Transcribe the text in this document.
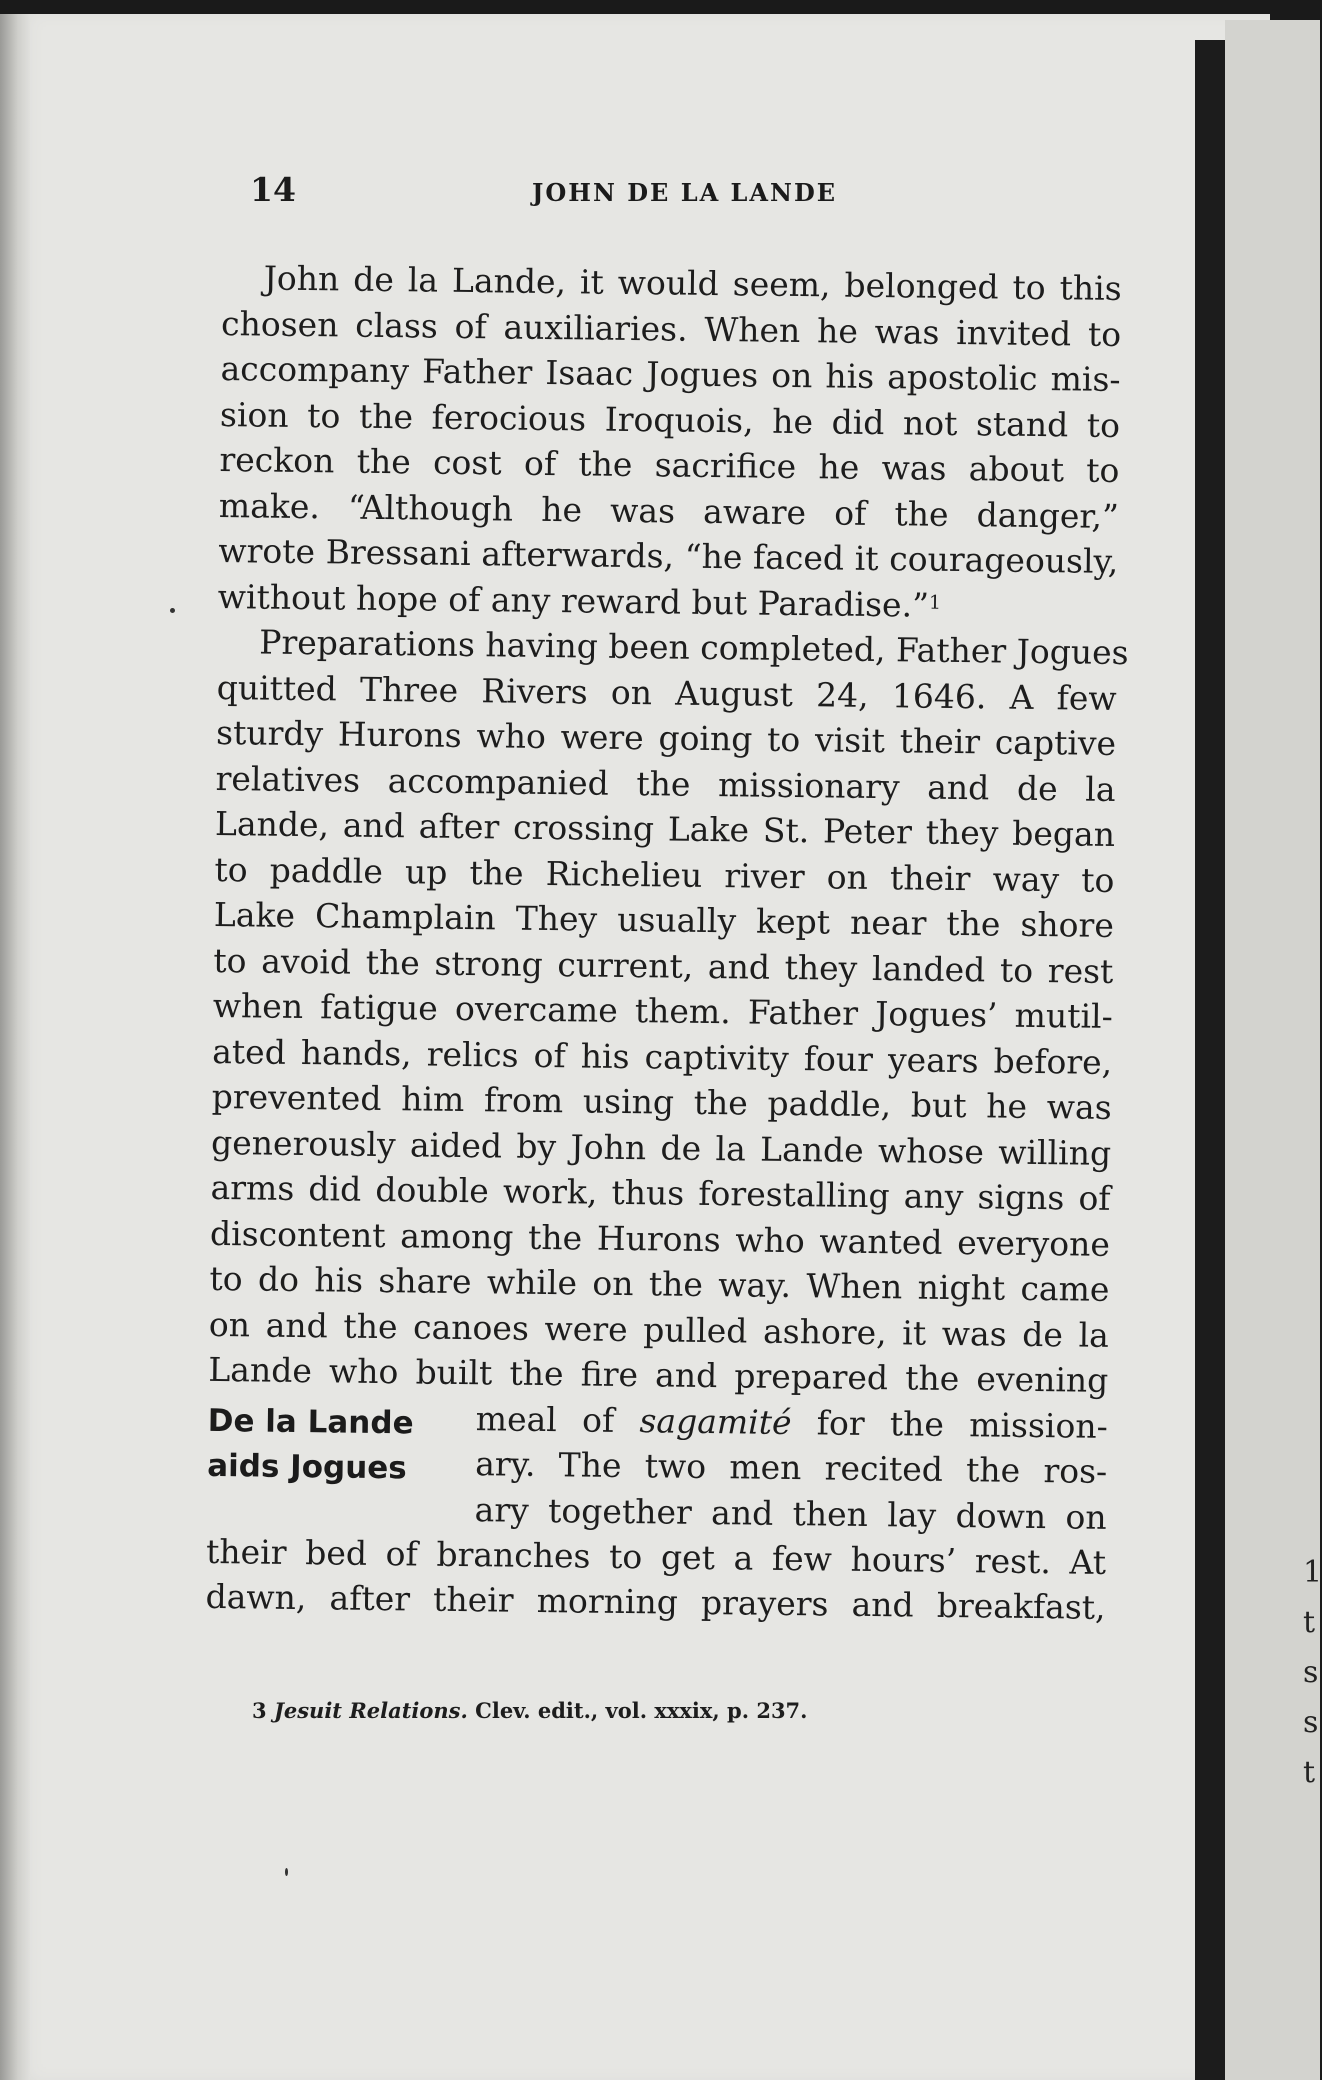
1
t
s
s
t
14	JOHN DE LA LANDE
John de la Lande, it would seem, belonged to this
chosen class of auxiliaries. When he was invited to
accompany Father Isaac Jogues on his apostolic mis-
sion to the ferocious Iroquois, he did not stand to
reckon the cost of the sacrifice he was about to
make. “Although he was aware of the danger,”
wrote Bressani afterwards, “he faced it courageously,
without hope of any reward but Paradise.”$^1$
Preparations having been completed, Father Jogues
quitted Three Rivers on August 24, 1646. A few
sturdy Hurons who were going to visit their captive
relatives accompanied the missionary and de la
Lande, and after crossing Lake St. Peter they began
to paddle up the Richelieu river on their way to
Lake Champlain They usually kept near the shore
to avoid the strong current, and they landed to rest
when fatigue overcame them. Father Jogues’ mutil-
ated hands, relics of his captivity four years before,
prevented him from using the paddle, but he was
generously aided by John de la Lande whose willing
arms did double work, thus forestalling any signs of
discontent among the Hurons who wanted everyone
to do his share while on the way. When night came
on and the canoes were pulled ashore, it was de la
Lande who built the fire and prepared the evening
De la Lande
aids Jogues
meal of sagamité for the mission-
ary. The two men recited the ros-
ary together and then lay down on
their bed of branches to get a few hours’ rest. At
dawn, after their morning prayers and breakfast,
3 Jesuit Relations. Clev. edit., vol. xxxix, p. 237.
